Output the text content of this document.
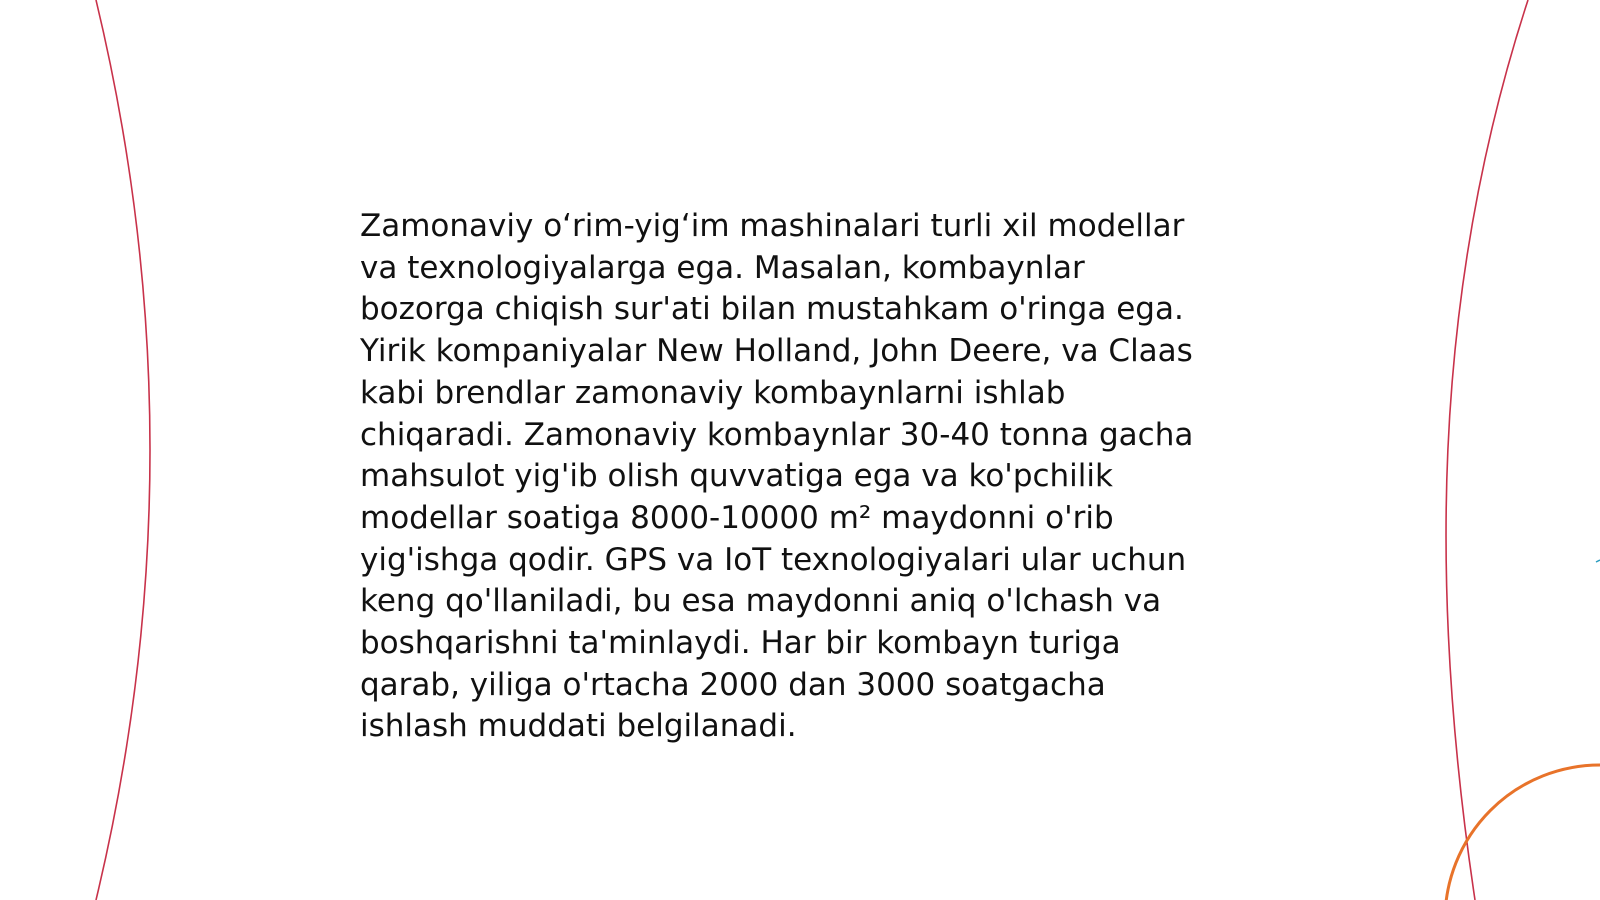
Zamonaviy o‘rim-yig‘im mashinalari turli xil modellar
va texnologiyalarga ega. Masalan, kombaynlar
bozorga chiqish sur'ati bilan mustahkam o'ringa ega.
Yirik kompaniyalar New Holland, John Deere, va Claas
kabi brendlar zamonaviy kombaynlarni ishlab
chiqaradi. Zamonaviy kombaynlar 30-40 tonna gacha
mahsulot yig'ib olish quvvatiga ega va ko'pchilik
modellar soatiga 8000-10000 m² maydonni o'rib
yig'ishga qodir. GPS va IoT texnologiyalari ular uchun
keng qo'llaniladi, bu esa maydonni aniq o'lchash va
boshqarishni ta'minlaydi. Har bir kombayn turiga
qarab, yiliga o'rtacha 2000 dan 3000 soatgacha
ishlash muddati belgilanadi.
